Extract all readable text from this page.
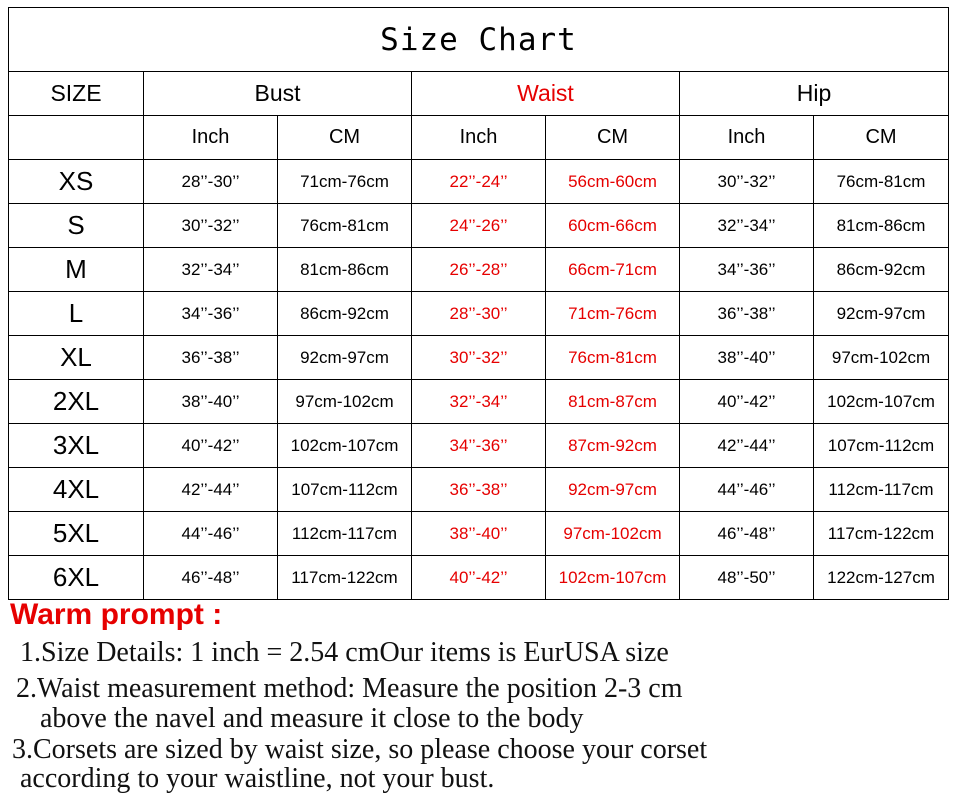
Size Chart						
SIZE	Bust		Waist		Hip	
	Inch	CM	Inch	CM	Inch	CM
XS	28’’-30’’	71cm-76cm	22’’-24’’	56cm-60cm	30’’-32’’	76cm-81cm
S	30’’-32’’	76cm-81cm	24’’-26’’	60cm-66cm	32’’-34’’	81cm-86cm
M	32’’-34’’	81cm-86cm	26’’-28’’	66cm-71cm	34’’-36’’	86cm-92cm
L	34’’-36’’	86cm-92cm	28’’-30’’	71cm-76cm	36’’-38’’	92cm-97cm
XL	36’’-38’’	92cm-97cm	30’’-32’’	76cm-81cm	38’’-40’’	97cm-102cm
2XL	38’’-40’’	97cm-102cm	32’’-34’’	81cm-87cm	40’’-42’’	102cm-107cm
3XL	40’’-42’’	102cm-107cm	34’’-36’’	87cm-92cm	42’’-44’’	107cm-112cm
4XL	42’’-44’’	107cm-112cm	36’’-38’’	92cm-97cm	44’’-46’’	112cm-117cm
5XL	44’’-46’’	112cm-117cm	38’’-40’’	97cm-102cm	46’’-48’’	117cm-122cm
6XL	46’’-48’’	117cm-122cm	40’’-42’’	102cm-107cm	48’’-50’’	122cm-127cm
Warm prompt :
1.Size Details: 1 inch = 2.54 cmOur items is EurUSA size
2.Waist measurement method: Measure the position 2-3 cm
above the navel and measure it close to the body
3.Corsets are sized by waist size, so please choose your corset
according to your waistline, not your bust.
